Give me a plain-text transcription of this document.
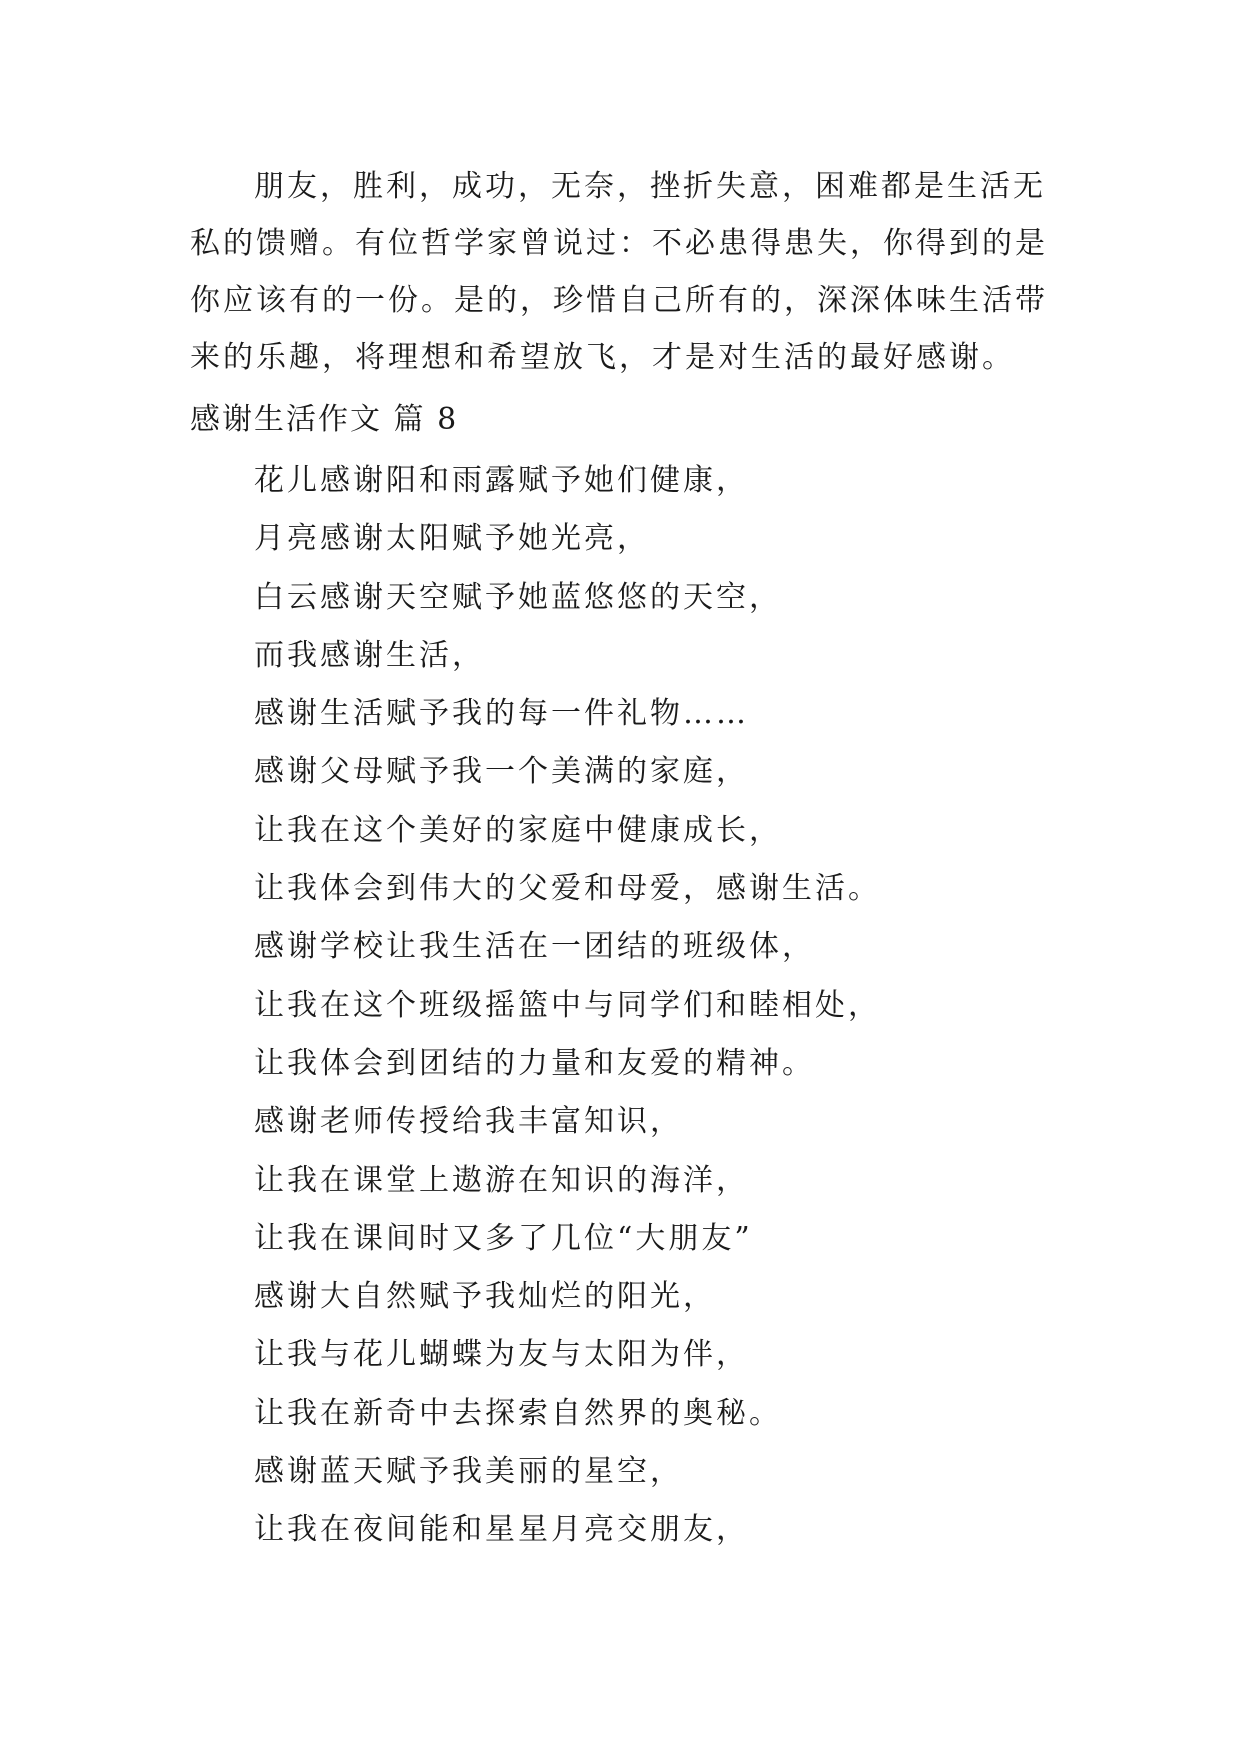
朋友，胜利，成功，无奈，挫折失意，困难都是生活无
私的馈赠。有位哲学家曾说过：不必患得患失，你得到的是
你应该有的一份。是的，珍惜自己所有的，深深体味生活带
来的乐趣，将理想和希望放飞，才是对生活的最好感谢。
感谢生活作文 篇 8
花儿感谢阳和雨露赋予她们健康，
月亮感谢太阳赋予她光亮，
白云感谢天空赋予她蓝悠悠的天空，
而我感谢生活，
感谢生活赋予我的每一件礼物……
感谢父母赋予我一个美满的家庭，
让我在这个美好的家庭中健康成长，
让我体会到伟大的父爱和母爱，感谢生活。
感谢学校让我生活在一团结的班级体，
让我在这个班级摇篮中与同学们和睦相处，
让我体会到团结的力量和友爱的精神。
感谢老师传授给我丰富知识，
让我在课堂上遨游在知识的海洋，
让我在课间时又多了几位“大朋友”
感谢大自然赋予我灿烂的阳光，
让我与花儿蝴蝶为友与太阳为伴，
让我在新奇中去探索自然界的奥秘。
感谢蓝天赋予我美丽的星空，
让我在夜间能和星星月亮交朋友，
